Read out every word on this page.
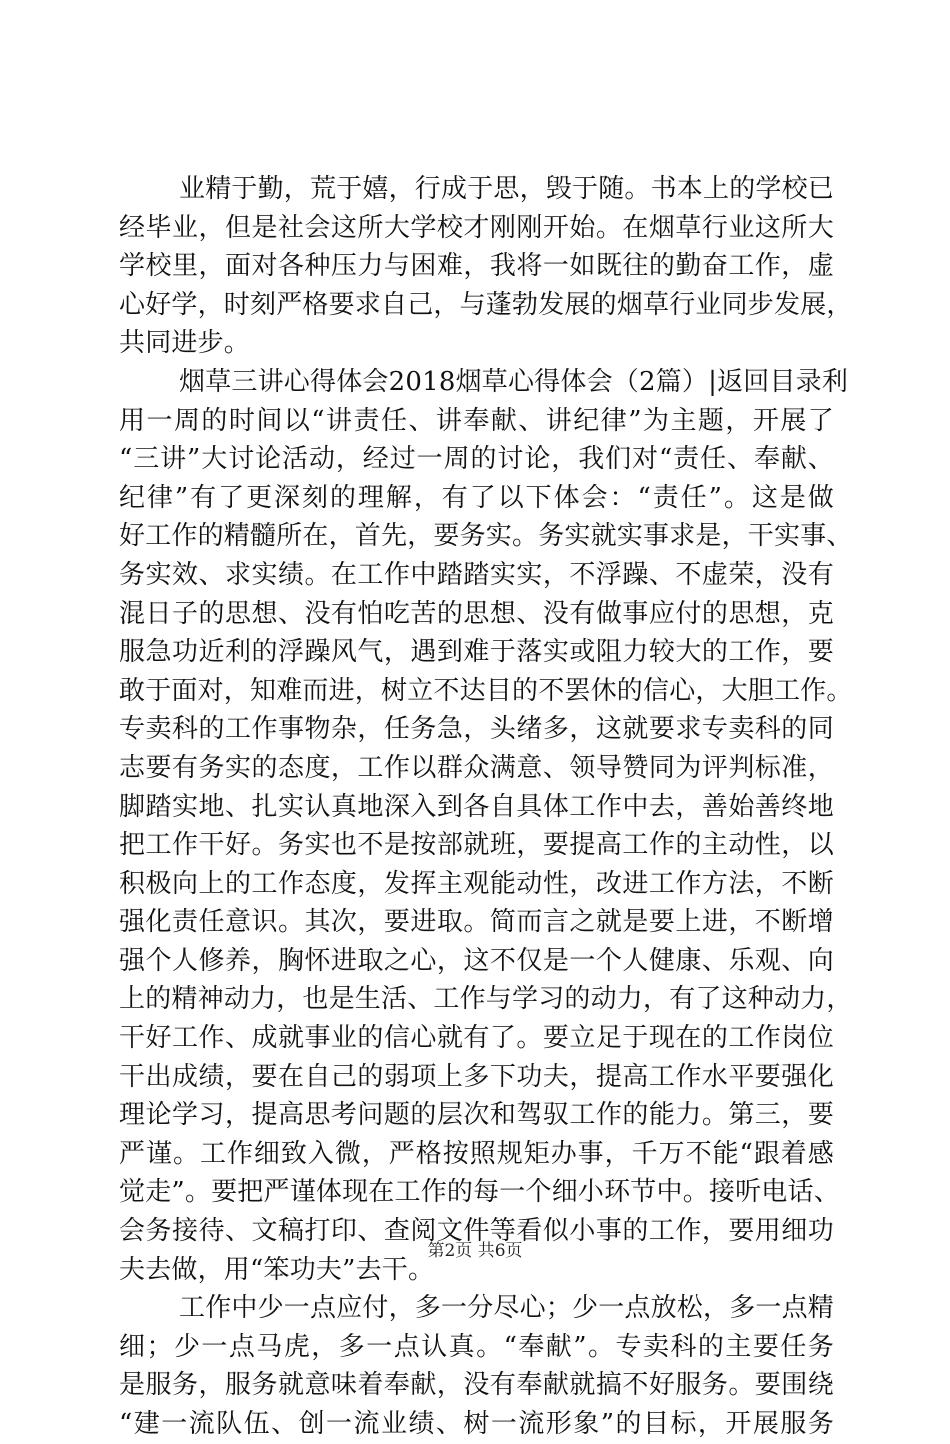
业精于勤，荒于嬉，行成于思，毁于随。书本上的学校已
经毕业，但是社会这所大学校才刚刚开始。在烟草行业这所大
学校里，面对各种压力与困难，我将一如既往的勤奋工作，虚
心好学，时刻严格要求自己，与蓬勃发展的烟草行业同步发展，
共同进步。
烟草三讲心得体会2018烟草心得体会（2篇）|返回目录利
用一周的时间以“讲责任、讲奉献、讲纪律”为主题，开展了
“三讲”大讨论活动，经过一周的讨论，我们对“责任、奉献、
纪律”有了更深刻的理解，有了以下体会：“责任”。这是做
好工作的精髓所在，首先，要务实。务实就实事求是，干实事、
务实效、求实绩。在工作中踏踏实实，不浮躁、不虚荣，没有
混日子的思想、没有怕吃苦的思想、没有做事应付的思想，克
服急功近利的浮躁风气，遇到难于落实或阻力较大的工作，要
敢于面对，知难而进，树立不达目的不罢休的信心，大胆工作。
专卖科的工作事物杂，任务急，头绪多，这就要求专卖科的同
志要有务实的态度，工作以群众满意、领导赞同为评判标准，
脚踏实地、扎实认真地深入到各自具体工作中去，善始善终地
把工作干好。务实也不是按部就班，要提高工作的主动性，以
积极向上的工作态度，发挥主观能动性，改进工作方法，不断
强化责任意识。其次，要进取。简而言之就是要上进，不断增
强个人修养，胸怀进取之心，这不仅是一个人健康、乐观、向
上的精神动力，也是生活、工作与学习的动力，有了这种动力，
干好工作、成就事业的信心就有了。要立足于现在的工作岗位
干出成绩，要在自己的弱项上多下功夫，提高工作水平要强化
理论学习，提高思考问题的层次和驾驭工作的能力。第三，要
严谨。工作细致入微，严格按照规矩办事，千万不能“跟着感
觉走”。要把严谨体现在工作的每一个细小环节中。接听电话、
会务接待、文稿打印、查阅文件等看似小事的工作，要用细功
夫去做，用“笨功夫”去干。
工作中少一点应付，多一分尽心；少一点放松，多一点精
细；少一点马虎，多一点认真。“奉献”。专卖科的主要任务
是服务，服务就意味着奉献，没有奉献就搞不好服务。要围绕
“建一流队伍、创一流业绩、树一流形象”的目标，开展服务
第2页 共6页
